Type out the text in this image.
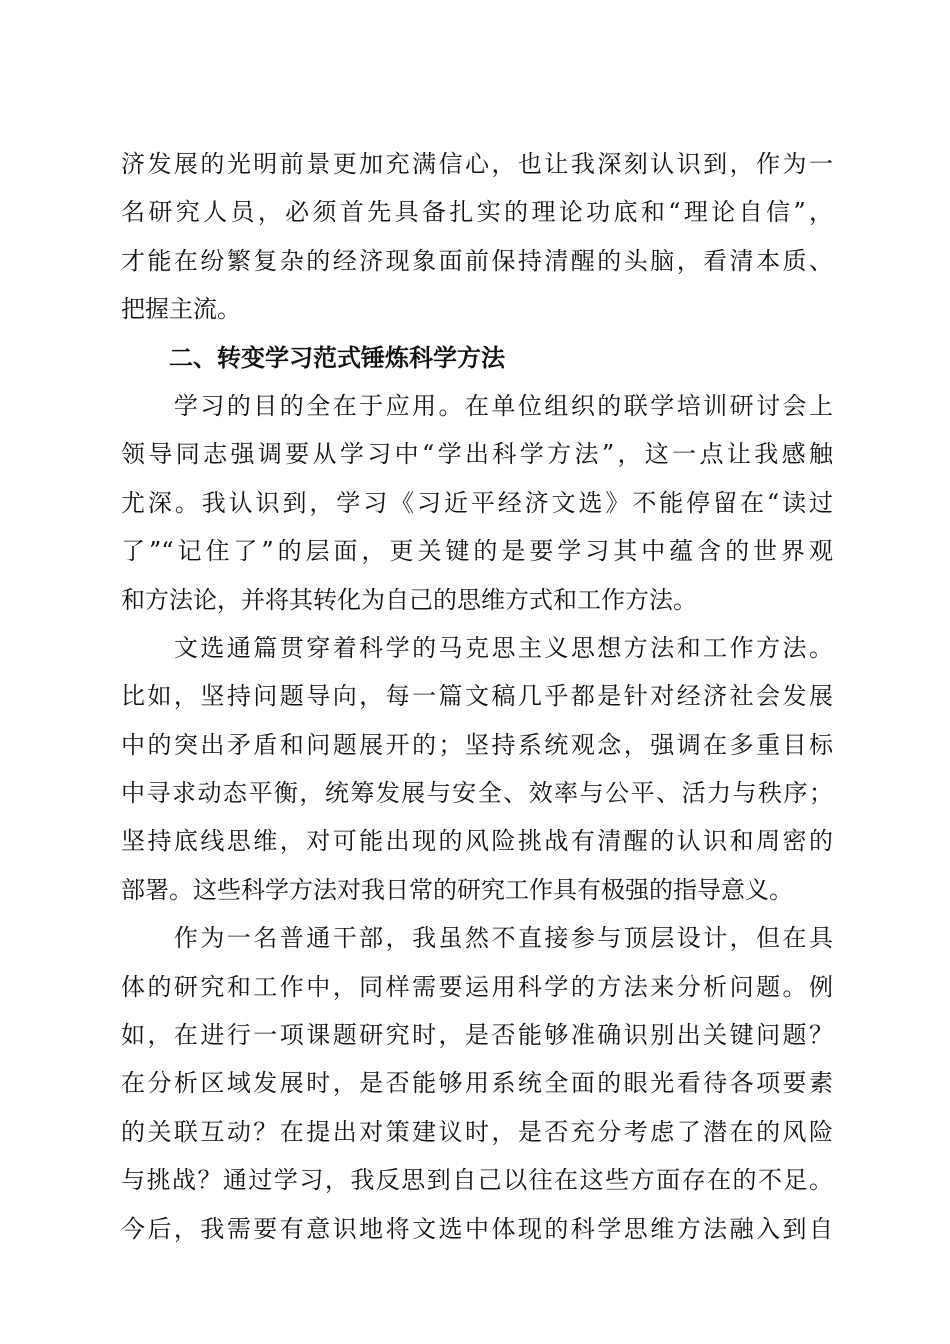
济发展的光明前景更加充满信心，也让我深刻认识到，作为一
名研究人员，必须首先具备扎实的理论功底和“理论自信”，
才能在纷繁复杂的经济现象面前保持清醒的头脑，看清本质、
把握主流。
　　二、转变学习范式锤炼科学方法
　　学习的目的全在于应用。在单位组织的联学培训研讨会上
领导同志强调要从学习中“学出科学方法”，这一点让我感触
尤深。我认识到，学习《习近平经济文选》不能停留在“读过
了”“记住了”的层面，更关键的是要学习其中蕴含的世界观
和方法论，并将其转化为自己的思维方式和工作方法。
　　文选通篇贯穿着科学的马克思主义思想方法和工作方法。
比如，坚持问题导向，每一篇文稿几乎都是针对经济社会发展
中的突出矛盾和问题展开的；坚持系统观念，强调在多重目标
中寻求动态平衡，统筹发展与安全、效率与公平、活力与秩序；
坚持底线思维，对可能出现的风险挑战有清醒的认识和周密的
部署。这些科学方法对我日常的研究工作具有极强的指导意义。
　　作为一名普通干部，我虽然不直接参与顶层设计，但在具
体的研究和工作中，同样需要运用科学的方法来分析问题。例
如，在进行一项课题研究时，是否能够准确识别出关键问题？
在分析区域发展时，是否能够用系统全面的眼光看待各项要素
的关联互动？在提出对策建议时，是否充分考虑了潜在的风险
与挑战？通过学习，我反思到自己以往在这些方面存在的不足。
今后，我需要有意识地将文选中体现的科学思维方法融入到自
